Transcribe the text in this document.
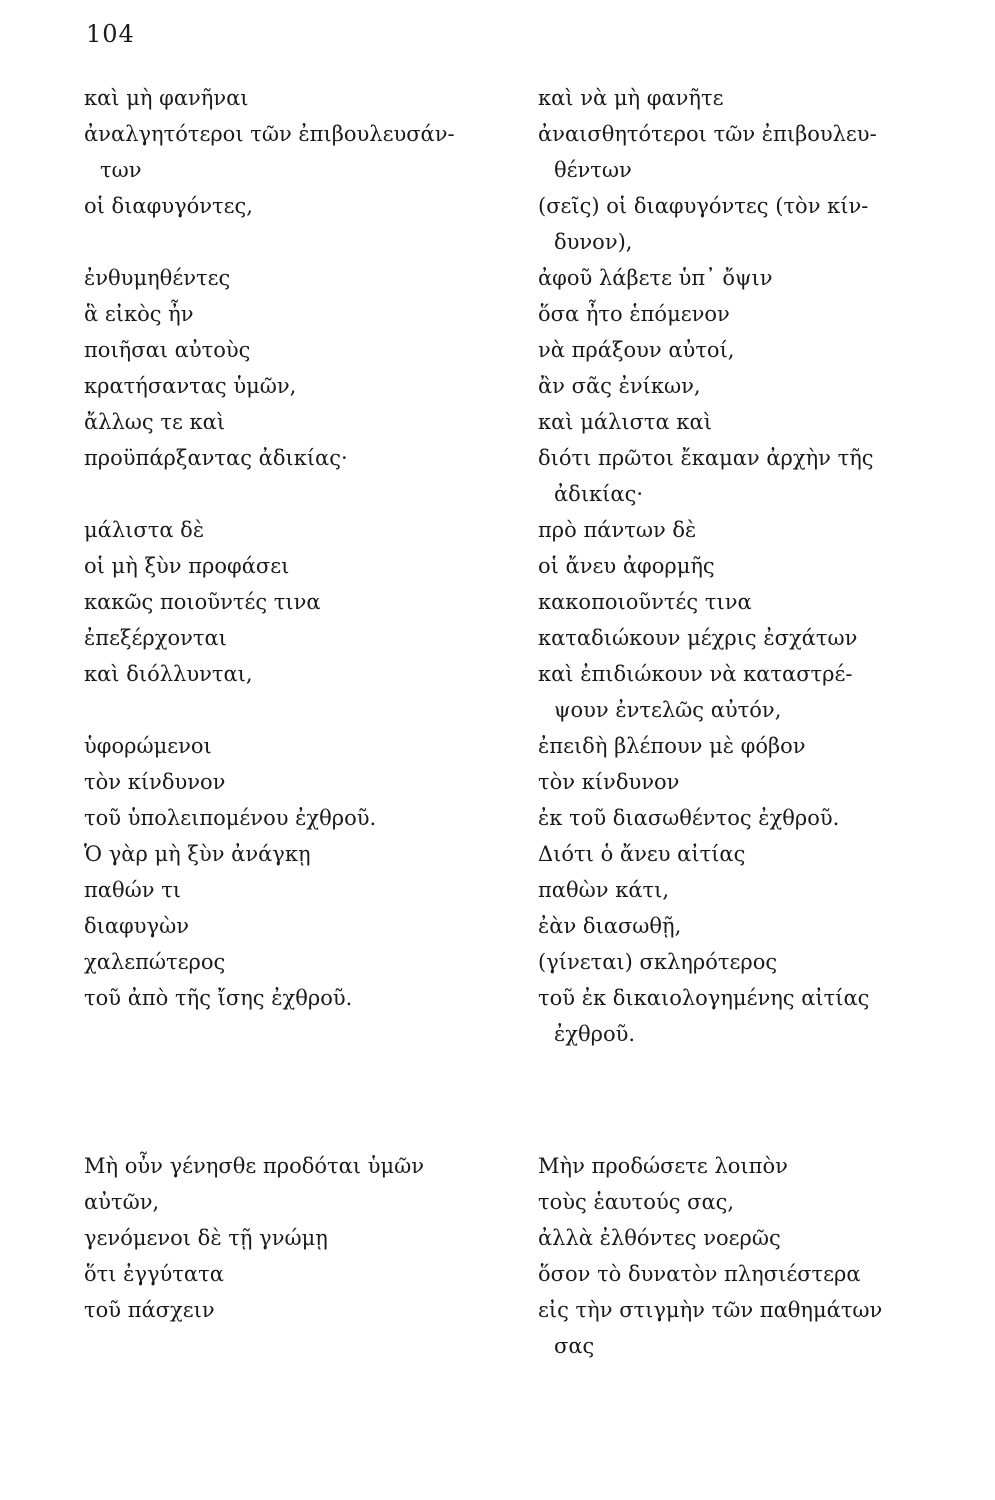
104
καὶ μὴ φανῆναι
ἀναλγητότεροι τῶν ἐπιβουλευσάν-
των
οἱ διαφυγόντες,
ἐνθυμηθέντες
ἃ εἰκὸς ἦν
ποιῆσαι αὐτοὺς
κρατήσαντας ὑμῶν,
ἄλλως τε καὶ
προϋπάρξαντας ἀδικίας·
μάλιστα δὲ
οἱ μὴ ξὺν προφάσει
κακῶς ποιοῦντές τινα
ἐπεξέρχονται
καὶ διόλλυνται,
ὑφορώμενοι
τὸν κίνδυνον
τοῦ ὑπολειπομένου ἐχθροῦ.
Ὁ γὰρ μὴ ξὺν ἀνάγκῃ
παθών τι
διαφυγὼν
χαλεπώτερος
τοῦ ἀπὸ τῆς ἴσης ἐχθροῦ.
καὶ νὰ μὴ φανῆτε
ἀναισθητότεροι τῶν ἐπιβουλευ-
θέντων
(σεῖς) οἱ διαφυγόντες (τὸν κίν-
δυνον),
ἀφοῦ λάβετε ὑπ᾽ ὄψιν
ὅσα ἦτο ἑπόμενον
νὰ πράξουν αὐτοί,
ἂν σᾶς ἐνίκων,
καὶ μάλιστα καὶ
διότι πρῶτοι ἔκαμαν ἀρχὴν τῆς
ἀδικίας·
πρὸ πάντων δὲ
οἱ ἄνευ ἀφορμῆς
κακοποιοῦντές τινα
καταδιώκουν μέχρις ἐσχάτων
καὶ ἐπιδιώκουν νὰ καταστρέ-
ψουν ἐντελῶς αὐτόν,
ἐπειδὴ βλέπουν μὲ φόβον
τὸν κίνδυνον
ἐκ τοῦ διασωθέντος ἐχθροῦ.
Διότι ὁ ἄνευ αἰτίας
παθὼν κάτι,
ἐὰν διασωθῇ,
(γίνεται) σκληρότερος
τοῦ ἐκ δικαιολογημένης αἰτίας
ἐχθροῦ.
Μὴ οὖν γένησθε προδόται ὑμῶν
αὐτῶν,
γενόμενοι δὲ τῇ γνώμῃ
ὅτι ἐγγύτατα
τοῦ πάσχειν
Μὴν προδώσετε λοιπὸν
τοὺς ἑαυτούς σας,
ἀλλὰ ἐλθόντες νοερῶς
ὅσον τὸ δυνατὸν πλησιέστερα
εἰς τὴν στιγμὴν τῶν παθημάτων
σας
